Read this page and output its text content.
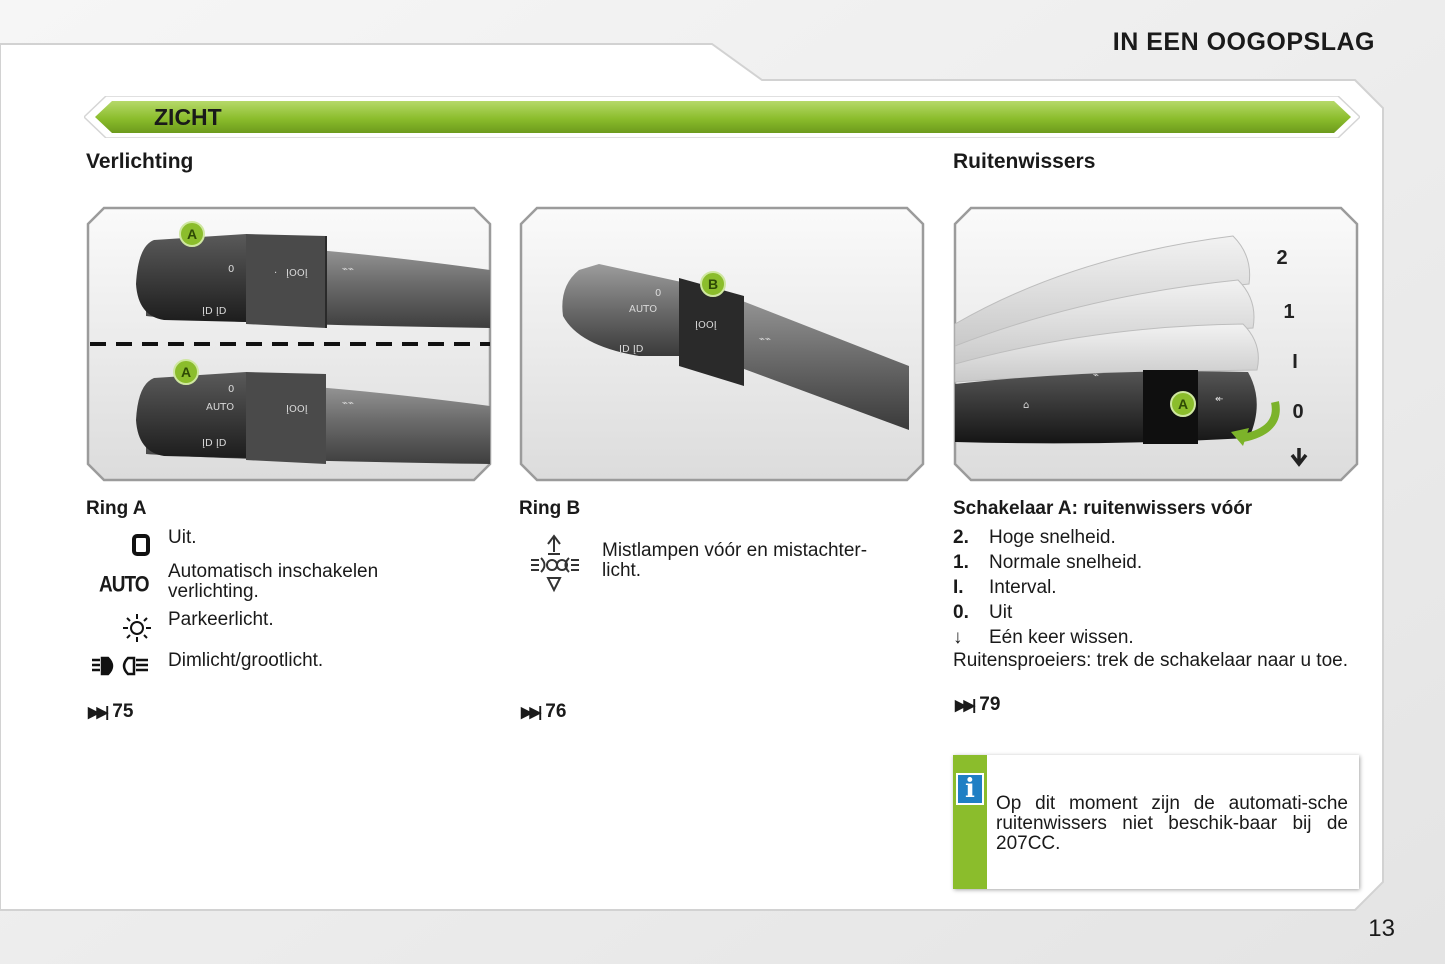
IN EEN OOGOPSLAG
ZICHT
Verlichting	Ruitenwissers
0	· ĮOOĮ	⌁⌁
ĮD ĮD
0
AUTO	ĮOOĮ
⌁⌁
ĮD ĮD
A
A
0
AUTO
ĮOOĮ
⌁⌁
ĮD ĮD
B
⌁
⌂
↞
A
2
1
I
0
Ring A
Uit.
AUTO
Automatisch inschakelen
verlichting.
Parkeerlicht.
Dimlicht/grootlicht.
▶▶| 75
Ring B
Mistlampen vóór en mistachter-
licht.
▶▶| 76
Schakelaar A: ruitenwissers vóór
2.	Hoge snelheid.
1.	Normale snelheid.
I.	Interval.
0.	Uit
↓	Eén keer wissen.
Ruitensproeiers: trek de schakelaar naar u toe.
▶▶| 79
i	Op dit moment zijn de automati-sche ruitenwissers niet beschik-baar bij de 207CC.
13
